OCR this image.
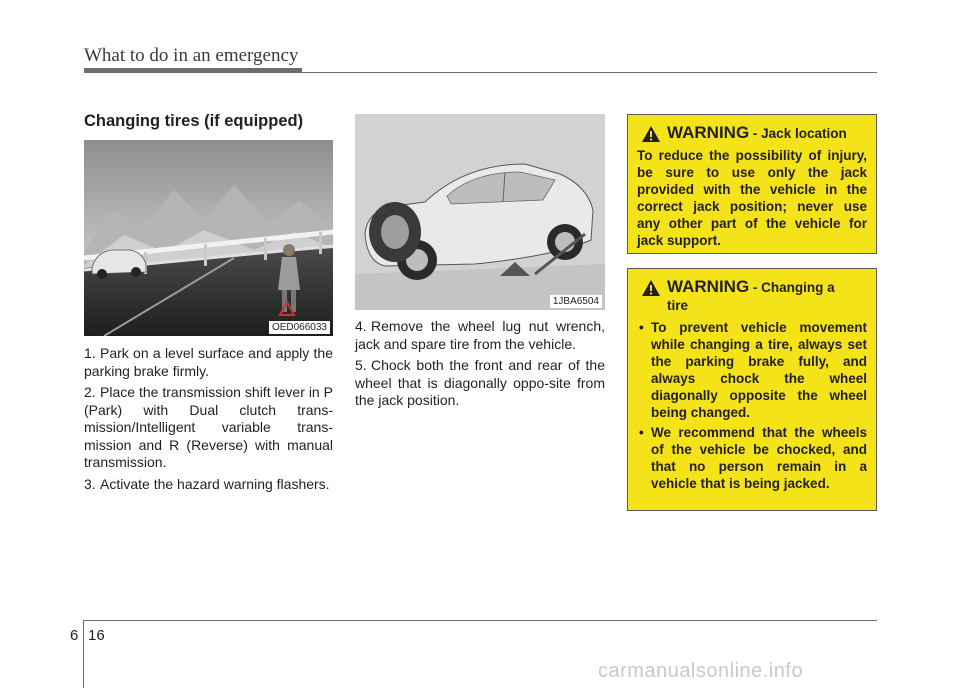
What to do in an emergency
Changing tires (if equipped)
OED066033
1JBA6504
1. Park on a level surface and apply the parking brake firmly.
2. Place the transmission shift lever in P (Park) with Dual clutch trans-mission/Intelligent variable trans-mission and R (Reverse) with manual transmission.
3. Activate the hazard warning flashers.
4. Remove the wheel lug nut wrench, jack and spare tire from the vehicle.
5. Chock both the front and rear of the wheel that is diagonally oppo-site from the jack position.
WARNING - Jack location
To reduce the possibility of injury, be sure to use only the jack provided with the vehicle in the correct jack position; never use any other part of the vehicle for jack support.
WARNING - Changing a tire
• To prevent vehicle movement while changing a tire, always set the parking brake fully, and always chock the wheel diagonally opposite the wheel being changed.
• We recommend that the wheels of the vehicle be chocked, and that no person remain in a vehicle that is being jacked.
6 16
carmanualsonline.info
